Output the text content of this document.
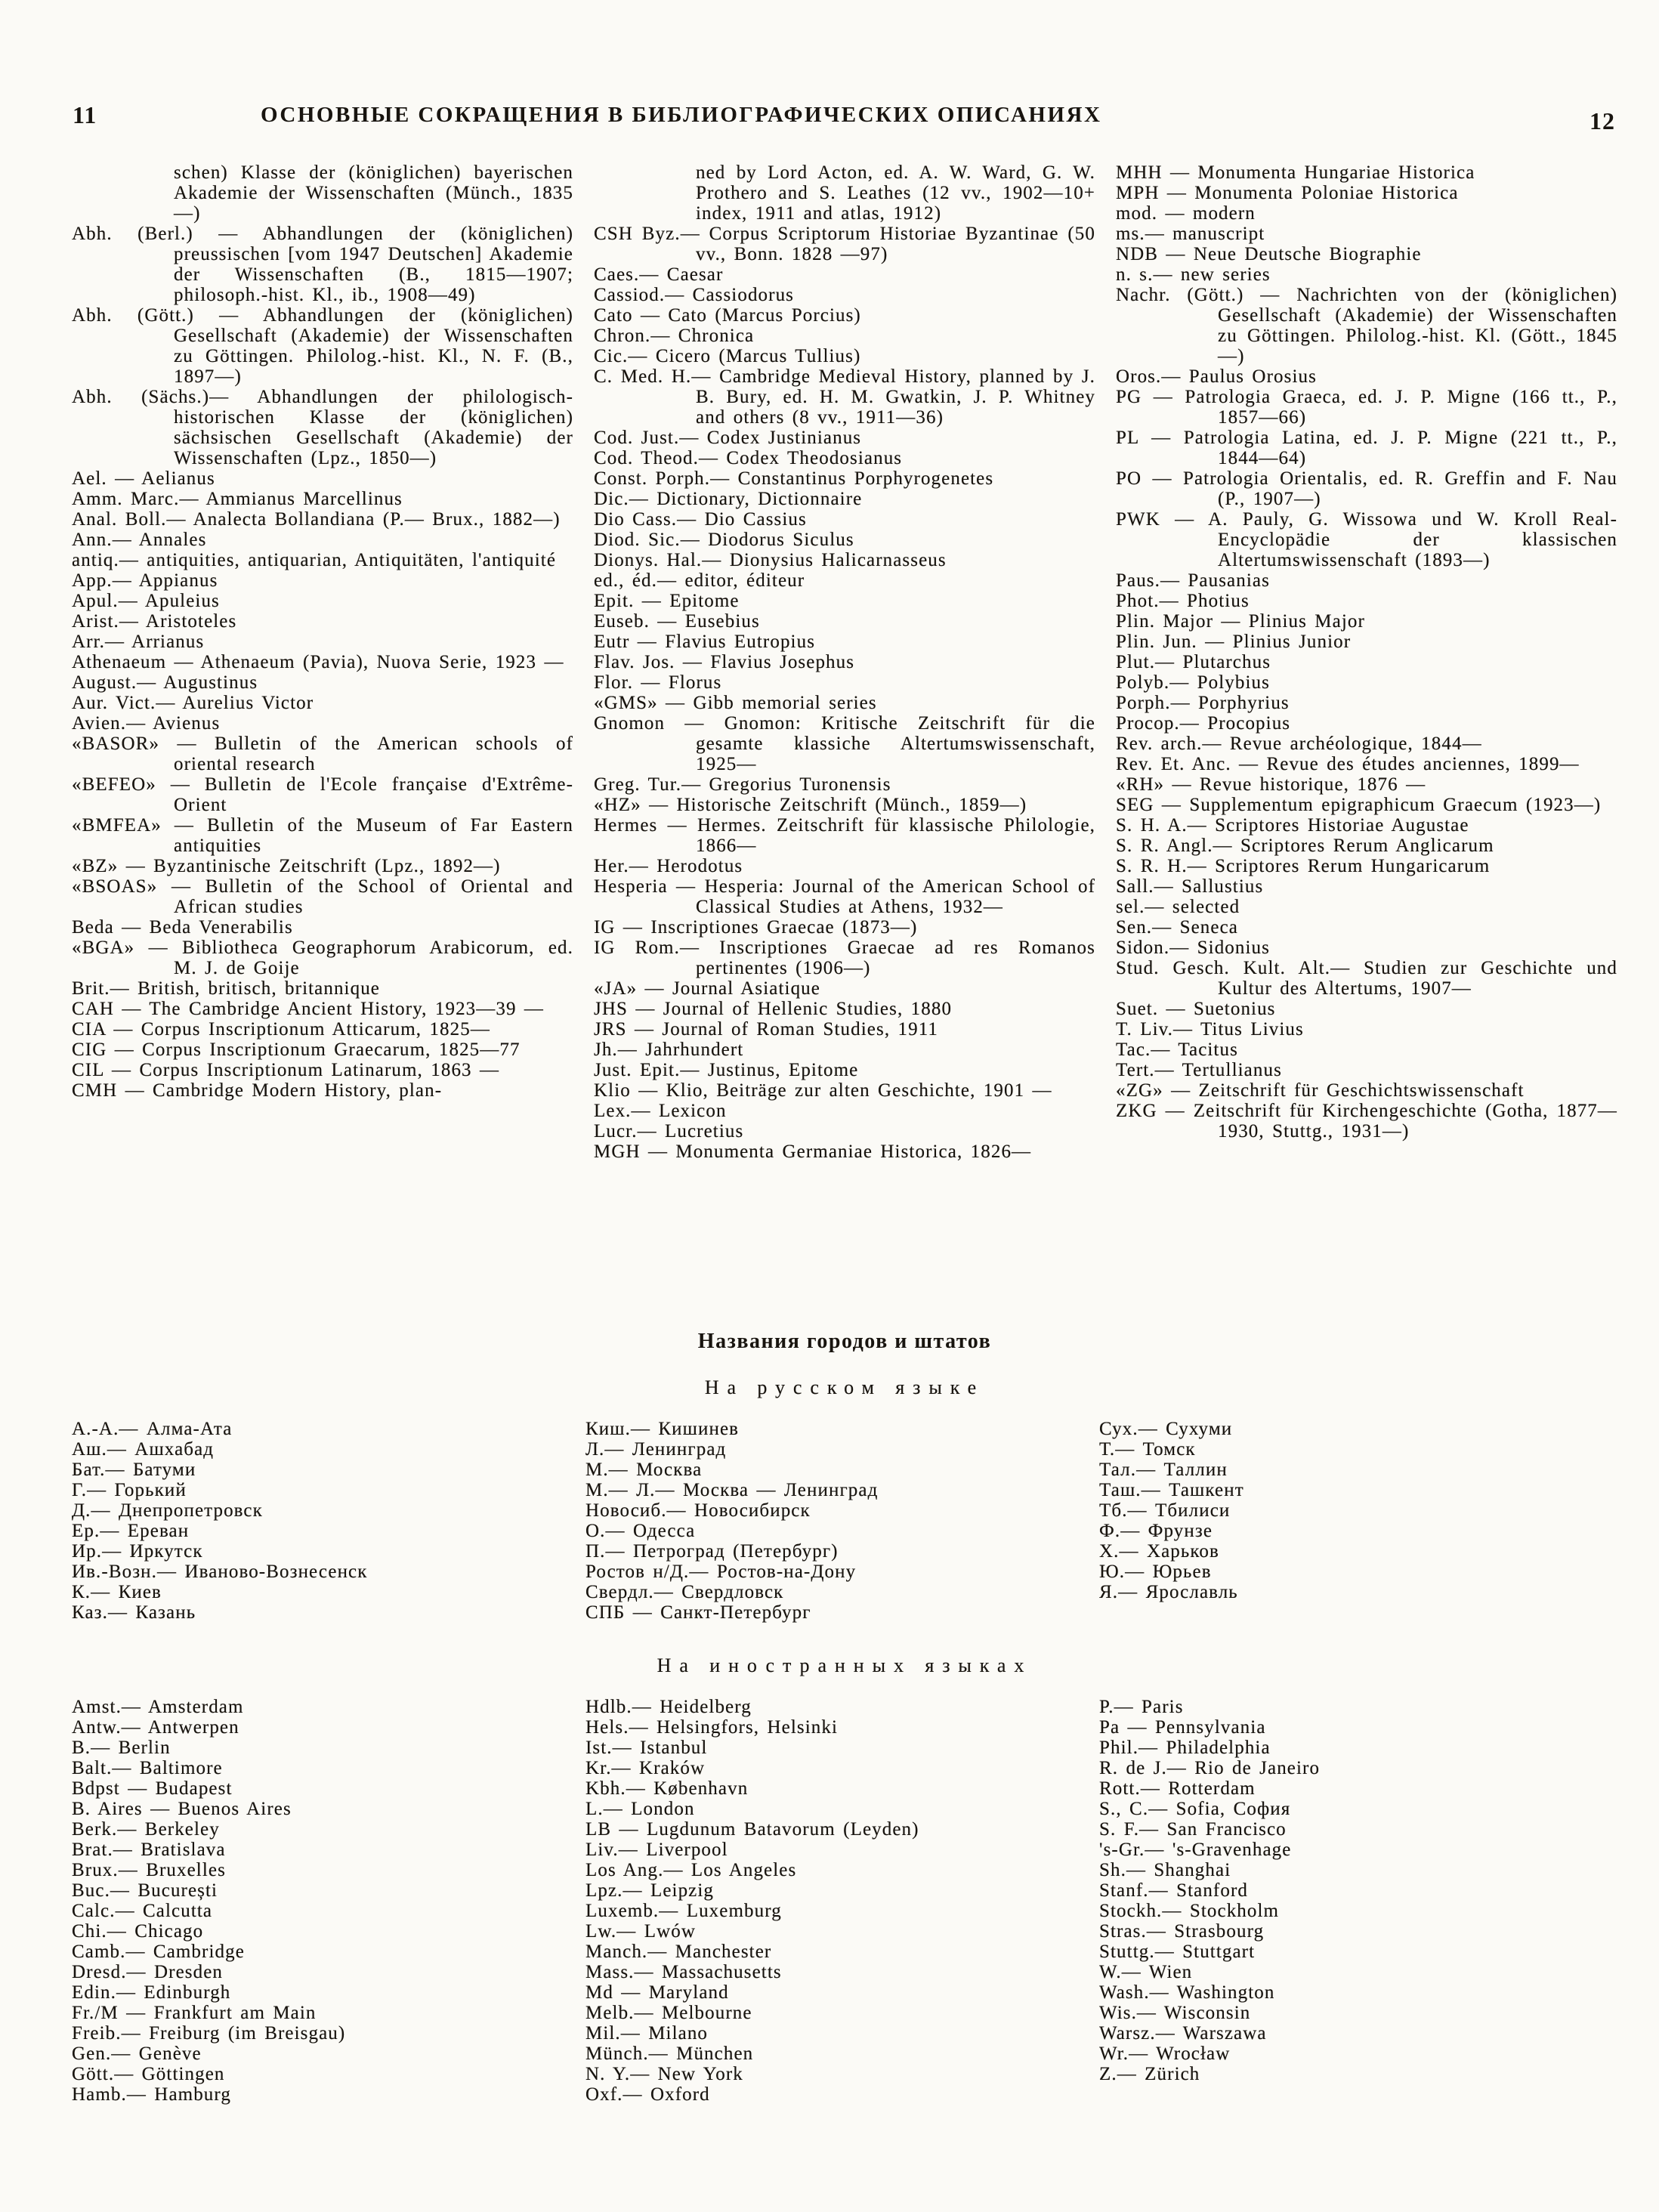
11	ОСНОВНЫЕ СОКРАЩЕНИЯ В БИБЛИОГРАФИЧЕСКИХ ОПИСАНИЯХ	12

schen) Klasse der (königlichen) bayerischen Akademie der Wissenschaften (Münch., 1835—)

Abh. (Berl.) — Abhandlungen der (königlichen) preussischen [vom 1947 Deutschen] Akademie der Wissenschaften (B., 1815—1907; philosoph.-hist. Kl., ib., 1908—49)

Abh. (Gött.) — Abhandlungen der (königlichen) Gesellschaft (Akademie) der Wissenschaften zu Göttingen. Philolog.-hist. Kl., N. F. (B., 1897—)

Abh. (Sächs.)— Abhandlungen der philologisch-historischen Klasse der (königlichen) sächsischen Gesellschaft (Akademie) der Wissenschaften (Lpz., 1850—)

Ael. — Aelianus

Amm. Marc.— Ammianus Marcellinus

Anal. Boll.— Analecta Bollandiana (P.— Brux., 1882—)

Ann.— Annales

antiq.— antiquities, antiquarian, Antiquitäten, l'antiquité

App.— Appianus

Apul.— Apuleius

Arist.— Aristoteles

Arr.— Arrianus

Athenaeum — Athenaeum (Pavia), Nuova Serie, 1923 —

August.— Augustinus

Aur. Vict.— Aurelius Victor

Avien.— Avienus

«BASOR» — Bulletin of the American schools of oriental research

«BEFEO» — Bulletin de l'Ecole française d'Extrême-Orient

«BMFEA» — Bulletin of the Museum of Far Eastern antiquities

«BZ» — Byzantinische Zeitschrift (Lpz., 1892—)

«BSOAS» — Bulletin of the School of Oriental and African studies

Beda — Beda Venerabilis

«BGA» — Bibliotheca Geographorum Arabicorum, ed. M. J. de Goije

Brit.— British, britisch, britannique

CAH — The Cambridge Ancient History, 1923—39 —

CIA — Corpus Inscriptionum Atticarum, 1825—

CIG — Corpus Inscriptionum Graecarum, 1825—77

CIL — Corpus Inscriptionum Latinarum, 1863 —

CMH — Cambridge Modern History, plan-

ned by Lord Acton, ed. A. W. Ward, G. W. Prothero and S. Leathes (12 vv., 1902—10+ index, 1911 and atlas, 1912)

CSH Byz.— Corpus Scriptorum Historiae Byzantinae (50 vv., Bonn. 1828 —97)

Caes.— Caesar

Cassiod.— Cassiodorus

Cato — Cato (Marcus Porcius)

Chron.— Chronica

Cic.— Cicero (Marcus Tullius)

C. Med. H.— Cambridge Medieval History, planned by J. B. Bury, ed. H. M. Gwatkin, J. P. Whitney and others (8 vv., 1911—36)

Cod. Just.— Codex Justinianus

Cod. Theod.— Codex Theodosianus

Const. Porph.— Constantinus Porphyrogenetes

Dic.— Dictionary, Dictionnaire

Dio Cass.— Dio Cassius

Diod. Sic.— Diodorus Siculus

Dionys. Hal.— Dionysius Halicarnasseus

ed., éd.— editor, éditeur

Epit. — Epitome

Euseb. — Eusebius

Eutr — Flavius Eutropius

Flav. Jos. — Flavius Josephus

Flor. — Florus

«GMS» — Gibb memorial series

Gnomon — Gnomon: Kritische Zeitschrift für die gesamte klassiche Altertumswissenschaft, 1925—

Greg. Tur.— Gregorius Turonensis

«HZ» — Historische Zeitschrift (Münch., 1859—)

Hermes — Hermes. Zeitschrift für klassische Philologie, 1866—

Her.— Herodotus

Hesperia — Hesperia: Journal of the American School of Classical Studies at Athens, 1932—

IG — Inscriptiones Graecae (1873—)

IG Rom.— Inscriptiones Graecae ad res Romanos pertinentes (1906—)

«JA» — Journal Asiatique

JHS — Journal of Hellenic Studies, 1880

JRS — Journal of Roman Studies, 1911

Jh.— Jahrhundert

Just. Epit.— Justinus, Epitome

Klio — Klio, Beiträge zur alten Geschichte, 1901 —

Lex.— Lexicon

Lucr.— Lucretius

MGH — Monumenta Germaniae Historica, 1826—

MHH — Monumenta Hungariae Historica

MPH — Monumenta Poloniae Historica

mod. — modern

ms.— manuscript

NDB — Neue Deutsche Biographie

n. s.— new series

Nachr. (Gött.) — Nachrichten von der (königlichen) Gesellschaft (Akademie) der Wissenschaften zu Göttingen. Philolog.-hist. Kl. (Gött., 1845—)

Oros.— Paulus Orosius

PG — Patrologia Graeca, ed. J. P. Migne (166 tt., P., 1857—66)

PL — Patrologia Latina, ed. J. P. Migne (221 tt., P., 1844—64)

PO — Patrologia Orientalis, ed. R. Greffin and F. Nau (P., 1907—)

PWK — A. Pauly, G. Wissowa und W. Kroll Real-Encyclopädie der klassischen Altertumswissenschaft (1893—)

Paus.— Pausanias

Phot.— Photius

Plin. Major — Plinius Major

Plin. Jun. — Plinius Junior

Plut.— Plutarchus

Polyb.— Polybius

Porph.— Porphyrius

Procop.— Procopius

Rev. arch.— Revue archéologique, 1844—

Rev. Et. Anc. — Revue des études anciennes, 1899—

«RH» — Revue historique, 1876 —

SEG — Supplementum epigraphicum Graecum (1923—)

S. H. A.— Scriptores Historiae Augustae

S. R. Angl.— Scriptores Rerum Anglicarum

S. R. H.— Scriptores Rerum Hungaricarum

Sall.— Sallustius

sel.— selected

Sen.— Seneca

Sidon.— Sidonius

Stud. Gesch. Kult. Alt.— Studien zur Geschichte und Kultur des Altertums, 1907—

Suet. — Suetonius

T. Liv.— Titus Livius

Tac.— Tacitus

Tert.— Tertullianus

«ZG» — Zeitschrift für Geschichtswissenschaft

ZKG — Zeitschrift für Kirchengeschichte (Gotha, 1877—1930, Stuttg., 1931—)

Названия городов и штатов
На русском языке

А.-А.— Алма-Ата

Аш.— Ашхабад

Бат.— Батуми

Г.— Горький

Д.— Днепропетровск

Ер.— Ереван

Ир.— Иркутск

Ив.-Возн.— Иваново-Вознесенск

К.— Киев

Каз.— Казань

Киш.— Кишинев

Л.— Ленинград

М.— Москва

М.— Л.— Москва — Ленинград

Новосиб.— Новосибирск

О.— Одесса

П.— Петроград (Петербург)

Ростов н/Д.— Ростов-на-Дону

Свердл.— Свердловск

СПБ — Санкт-Петербург

Сух.— Сухуми

Т.— Томск

Тал.— Таллин

Таш.— Ташкент

Тб.— Тбилиси

Ф.— Фрунзе

Х.— Харьков

Ю.— Юрьев

Я.— Ярославль

На иностранных языках

Amst.— Amsterdam

Antw.— Antwerpen

B.— Berlin

Balt.— Baltimore

Bdpst — Budapest

B. Aires — Buenos Aires

Berk.— Berkeley

Brat.— Bratislava

Brux.— Bruxelles

Buc.— București

Calc.— Calcutta

Chi.— Chicago

Camb.— Cambridge

Dresd.— Dresden

Edin.— Edinburgh

Fr./M — Frankfurt am Main

Freib.— Freiburg (im Breisgau)

Gen.— Genève

Gött.— Göttingen

Hamb.— Hamburg

Hdlb.— Heidelberg

Hels.— Helsingfors, Helsinki

Ist.— Istanbul

Kr.— Kraków

Kbh.— København

L.— London

LB — Lugdunum Batavorum (Leyden)

Liv.— Liverpool

Los Ang.— Los Angeles

Lpz.— Leipzig

Luxemb.— Luxemburg

Lw.— Lwów

Manch.— Manchester

Mass.— Massachusetts

Md — Maryland

Melb.— Melbourne

Mil.— Milano

Münch.— München

N. Y.— New York

Oxf.— Oxford

P.— Paris

Pa — Pennsylvania

Phil.— Philadelphia

R. de J.— Rio de Janeiro

Rott.— Rotterdam

S., C.— Sofia, София

S. F.— San Francisco

's-Gr.— 's-Gravenhage

Sh.— Shanghai

Stanf.— Stanford

Stockh.— Stockholm

Stras.— Strasbourg

Stuttg.— Stuttgart

W.— Wien

Wash.— Washington

Wis.— Wisconsin

Warsz.— Warszawa

Wr.— Wrocław

Z.— Zürich
